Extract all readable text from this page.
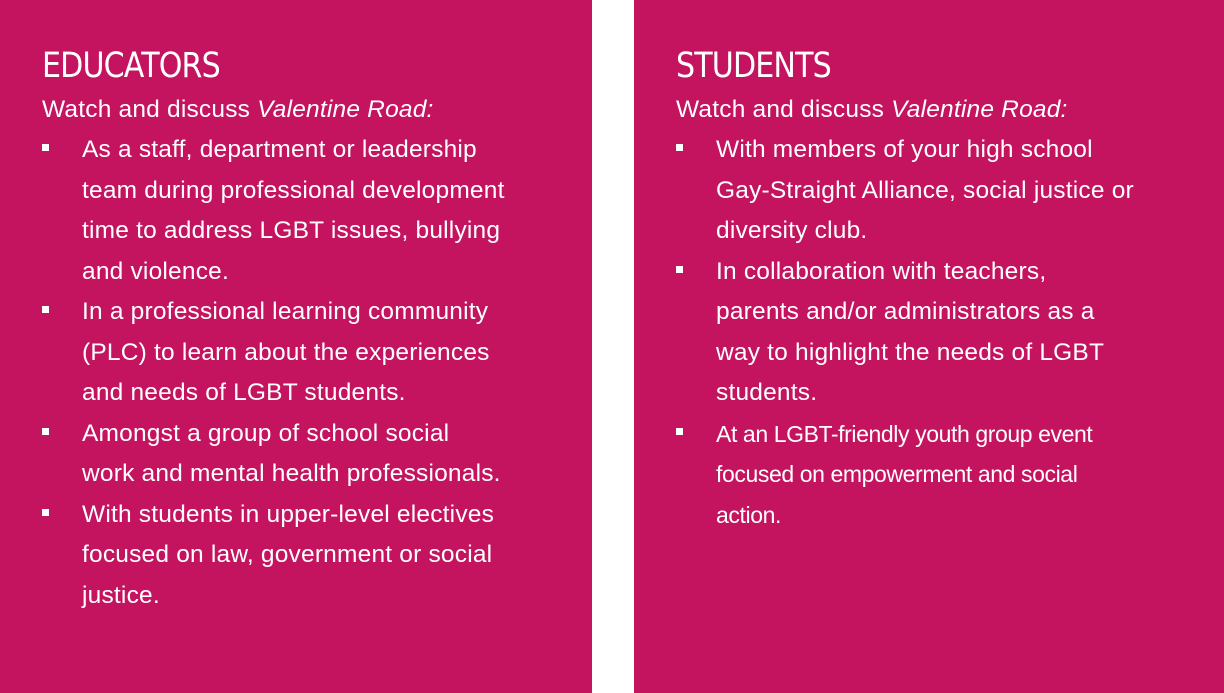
EDUCATORS

Watch and discuss Valentine Road:

As a staff, department or leadership
team during professional development
time to address LGBT issues, bullying
and violence.
In a professional learning community
(PLC) to learn about the experiences
and needs of LGBT students.
Amongst a group of school social
work and mental health professionals.
With students in upper-level electives
focused on law, government or social
justice.
STUDENTS

Watch and discuss Valentine Road:

With members of your high school
Gay-Straight Alliance, social justice or
diversity club.
In collaboration with teachers,
parents and/or administrators as a
way to highlight the needs of LGBT
students.
At an LGBT-friendly youth group event
focused on empowerment and social
action.
